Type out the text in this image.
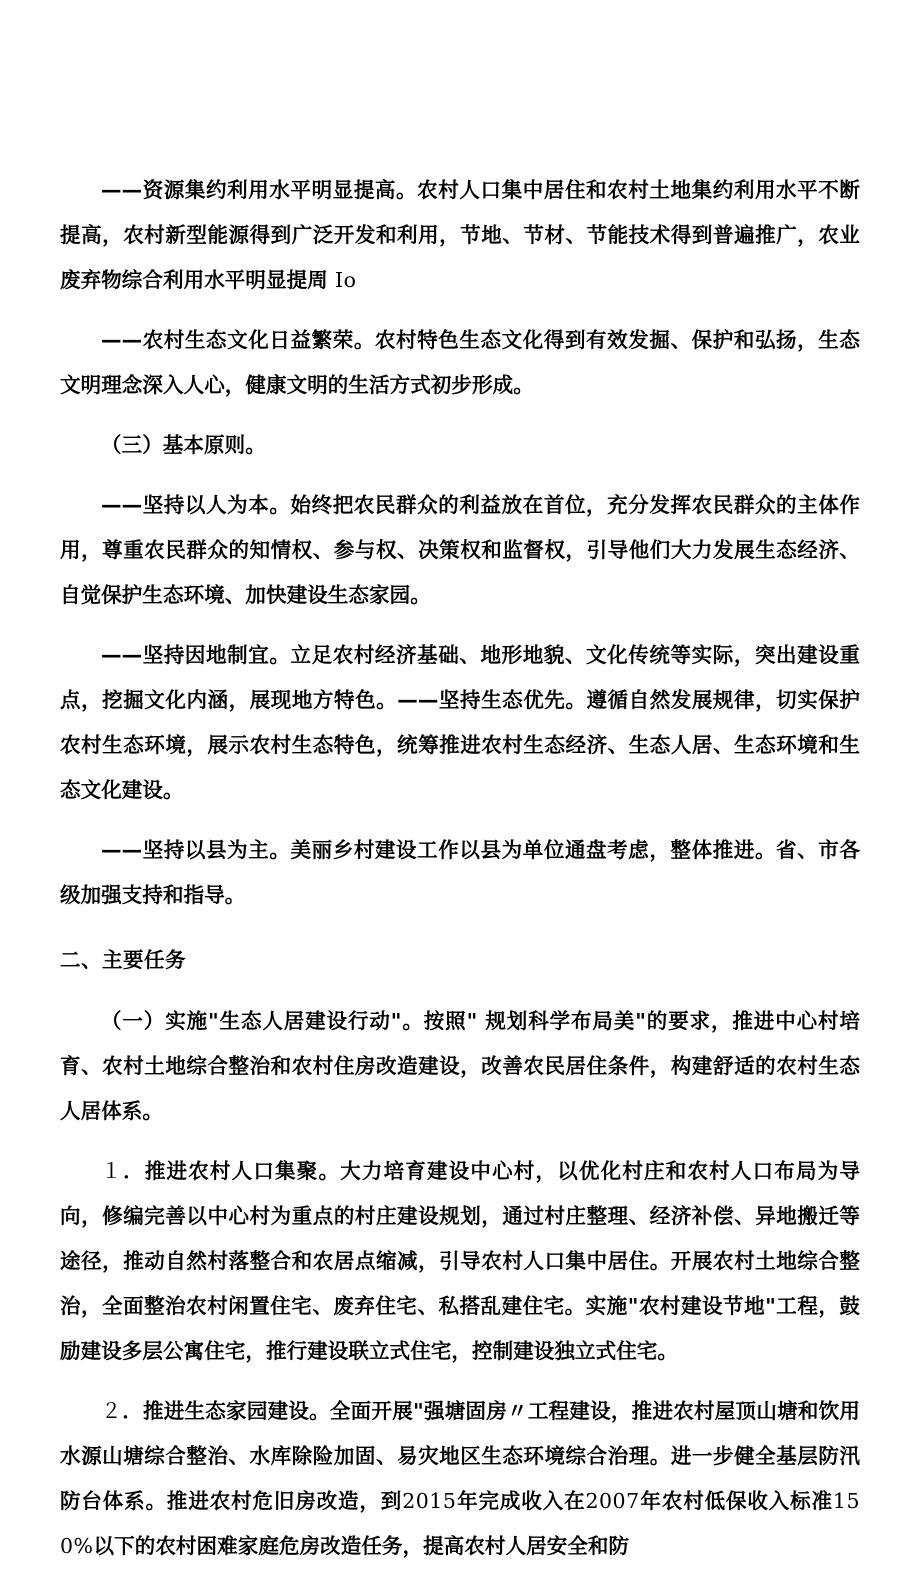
——资源集约利用水平明显提高。农村人口集中居住和农村土地集约利用水平不断提高，农村新型能源得到广泛开发和利用，节地、节材、节能技术得到普遍推广，农业废弃物综合利用水平明显提周 Io

——农村生态文化日益繁荣。农村特色生态文化得到有效发掘、保护和弘扬，生态文明理念深入人心，健康文明的生活方式初步形成。

（三）基本原则。

——坚持以人为本。始终把农民群众的利益放在首位，充分发挥农民群众的主体作用，尊重农民群众的知情权、参与权、决策权和监督权，引导他们大力发展生态经济、自觉保护生态环境、加快建设生态家园。

——坚持因地制宜。立足农村经济基础、地形地貌、文化传统等实际，突出建设重点，挖掘文化内涵，展现地方特色。——坚持生态优先。遵循自然发展规律，切实保护农村生态环境，展示农村生态特色，统筹推进农村生态经济、生态人居、生态环境和生态文化建设。

——坚持以县为主。美丽乡村建设工作以县为单位通盘考虑，整体推进。省、市各级加强支持和指导。

二、主要任务

（一）实施"生态人居建设行动"。按照" 规划科学布局美"的要求，推进中心村培育、农村土地综合整治和农村住房改造建设，改善农民居住条件，构建舒适的农村生态人居体系。

１．推进农村人口集聚。大力培育建设中心村，以优化村庄和农村人口布局为导向，修编完善以中心村为重点的村庄建设规划，通过村庄整理、经济补偿、异地搬迁等途径，推动自然村落整合和农居点缩减，引导农村人口集中居住。开展农村土地综合整治，全面整治农村闲置住宅、废弃住宅、私搭乱建住宅。实施"农村建设节地"工程，鼓励建设多层公寓住宅，推行建设联立式住宅，控制建设独立式住宅。

２．推进生态家园建设。全面开展"强塘固房〃工程建设，推进农村屋顶山塘和饮用水源山塘综合整治、水库除险加固、易灾地区生态环境综合治理。进一步健全基层防汛防台体系。推进农村危旧房改造，到2015年完成收入在2007年农村低保收入标准150%以下的农村困难家庭危房改造任务，提高农村人居安全和防
